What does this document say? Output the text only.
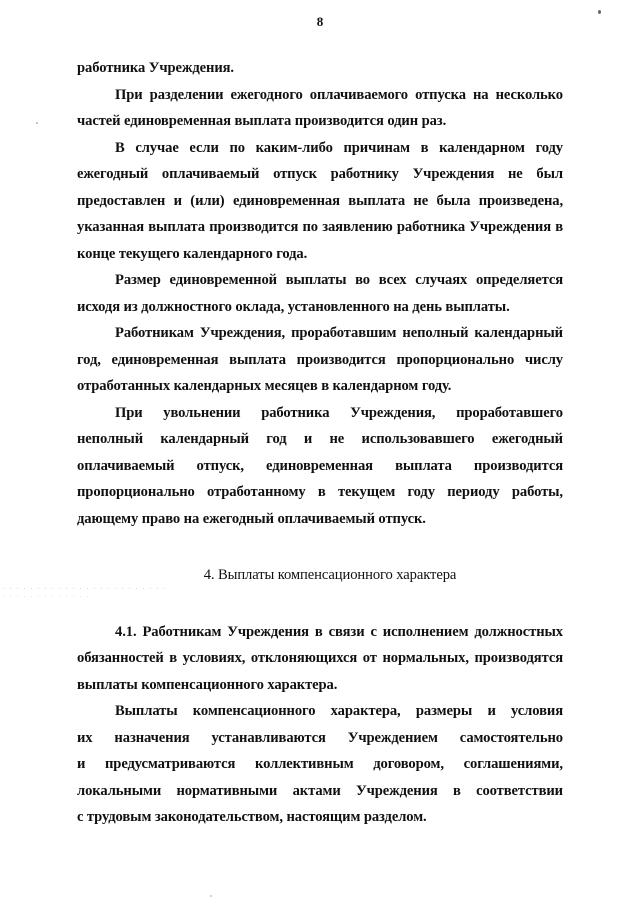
8

работника Учреждения.

При разделении ежегодного оплачиваемого отпуска на несколько частей единовременная выплата производится один раз.

В случае если по каким-либо причинам в календарном году ежегодный оплачиваемый отпуск работнику Учреждения не был предоставлен и (или) единовременная выплата не была произведена, указанная выплата производится по заявлению работника Учреждения в конце текущего календарного года.

Размер единовременной выплаты во всех случаях определяется исходя из должностного оклада, установленного на день выплаты.

Работникам Учреждения, проработавшим неполный календарный год, единовременная выплата производится пропорционально числу отработанных календарных месяцев в календарном году.

При увольнении работника Учреждения, проработавшего неполный календарный год и не использовавшего ежегодный оплачиваемый отпуск, единовременная выплата производится пропорционально отработанному в текущем году периоду работы, дающему право на ежегодный оплачиваемый отпуск.

4. Выплаты компенсационного характера

4.1. Работникам Учреждения в связи с исполнением должностных обязанностей в условиях, отклоняющихся от нормальных, производятся выплаты компенсационного характера.

Выплаты компенсационного характера, размеры и условия

их назначения устанавливаются Учреждением самостоятельно

и предусматриваются коллективным договором, соглашениями,

локальными нормативными актами Учреждения в соответствии

с трудовым законодательством, настоящим разделом.
